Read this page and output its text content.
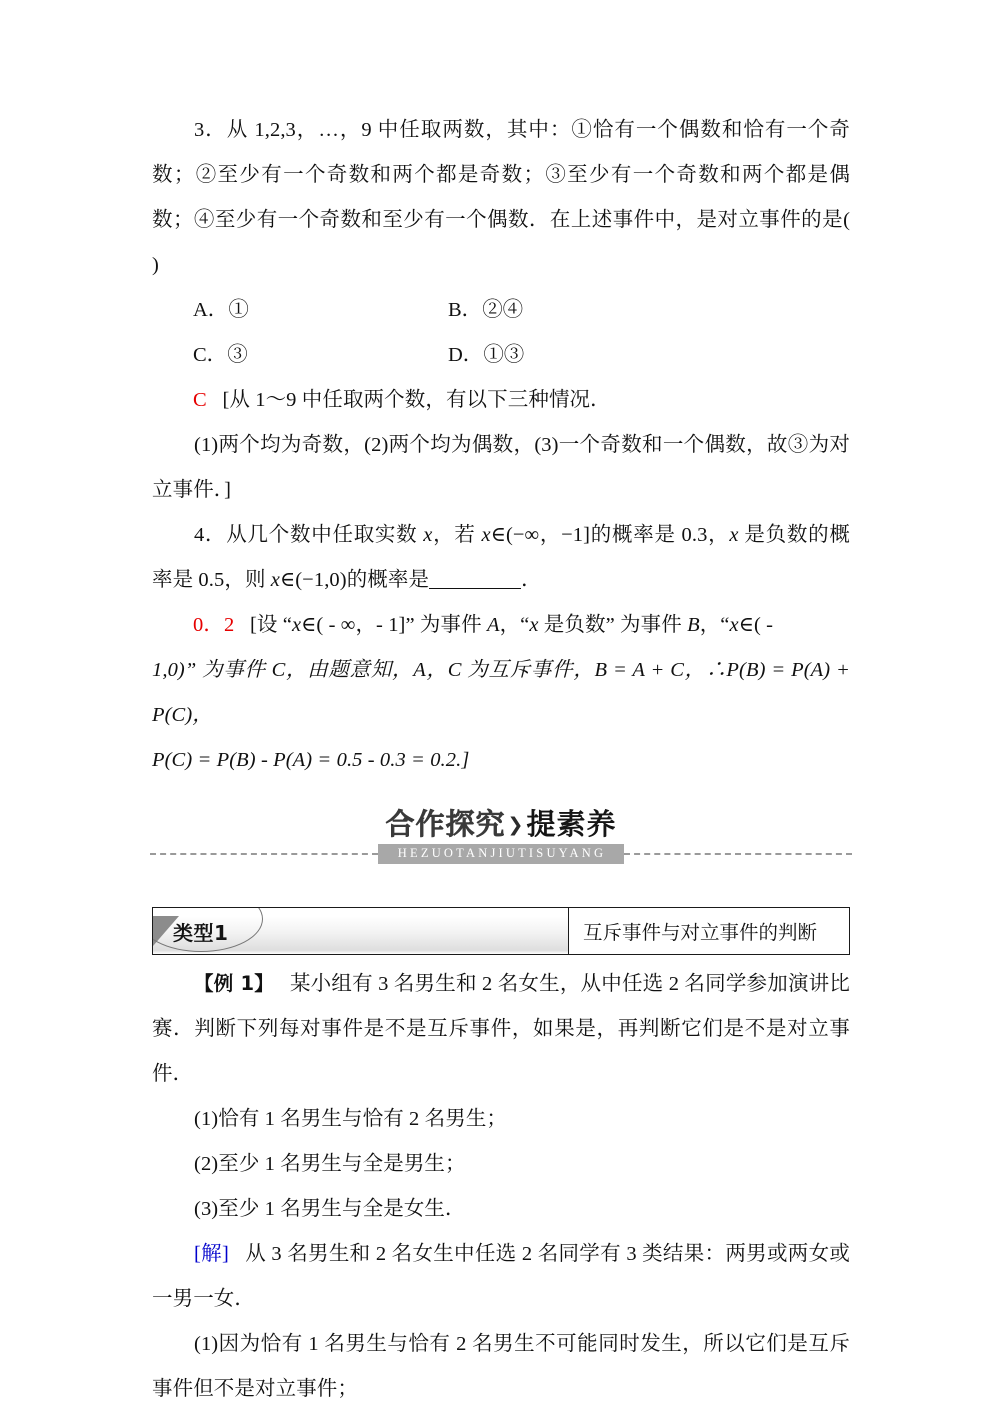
3．从 1,2,3，…，9 中任取两数，其中：①恰有一个偶数和恰有一个奇数；②至少有一个奇数和两个都是奇数；③至少有一个奇数和两个都是偶数；④至少有一个奇数和至少有一个偶数．在上述事件中，是对立事件的是( )

A．①	B．②④
C．③	D．①③

C [从 1～9 中任取两个数，有以下三种情况．

(1)两个均为奇数，(2)两个均为偶数，(3)一个奇数和一个偶数，故③为对立事件．]

4．从几个数中任取实数 x，若 x∈(−∞，−1]的概率是 0.3，x 是负数的概率是 0.5，则 x∈(−1,0)的概率是	．

0．2 [设 “x∈( - ∞，- 1]” 为事件 A，“x 是负数” 为事件 B，“x∈( -

1,0)” 为事件 C，由题意知，A，C 为互斥事件，B = A + C，∴P(B) = P(A) + P(C)，

P(C) = P(B) - P(A) = 0.5 - 0.3 = 0.2.]

HEZUOTANJIUTISUYANG
合作探究 ❯提素养
类型1	互斥事件与对立事件的判断

【例 1】 某小组有 3 名男生和 2 名女生，从中任选 2 名同学参加演讲比赛．判断下列每对事件是不是互斥事件，如果是，再判断它们是不是对立事件．

(1)恰有 1 名男生与恰有 2 名男生；

(2)至少 1 名男生与全是男生；

(3)至少 1 名男生与全是女生．

[解] 从 3 名男生和 2 名女生中任选 2 名同学有 3 类结果：两男或两女或一男一女．

(1)因为恰有 1 名男生与恰有 2 名男生不可能同时发生，所以它们是互斥事件但不是对立事件；
